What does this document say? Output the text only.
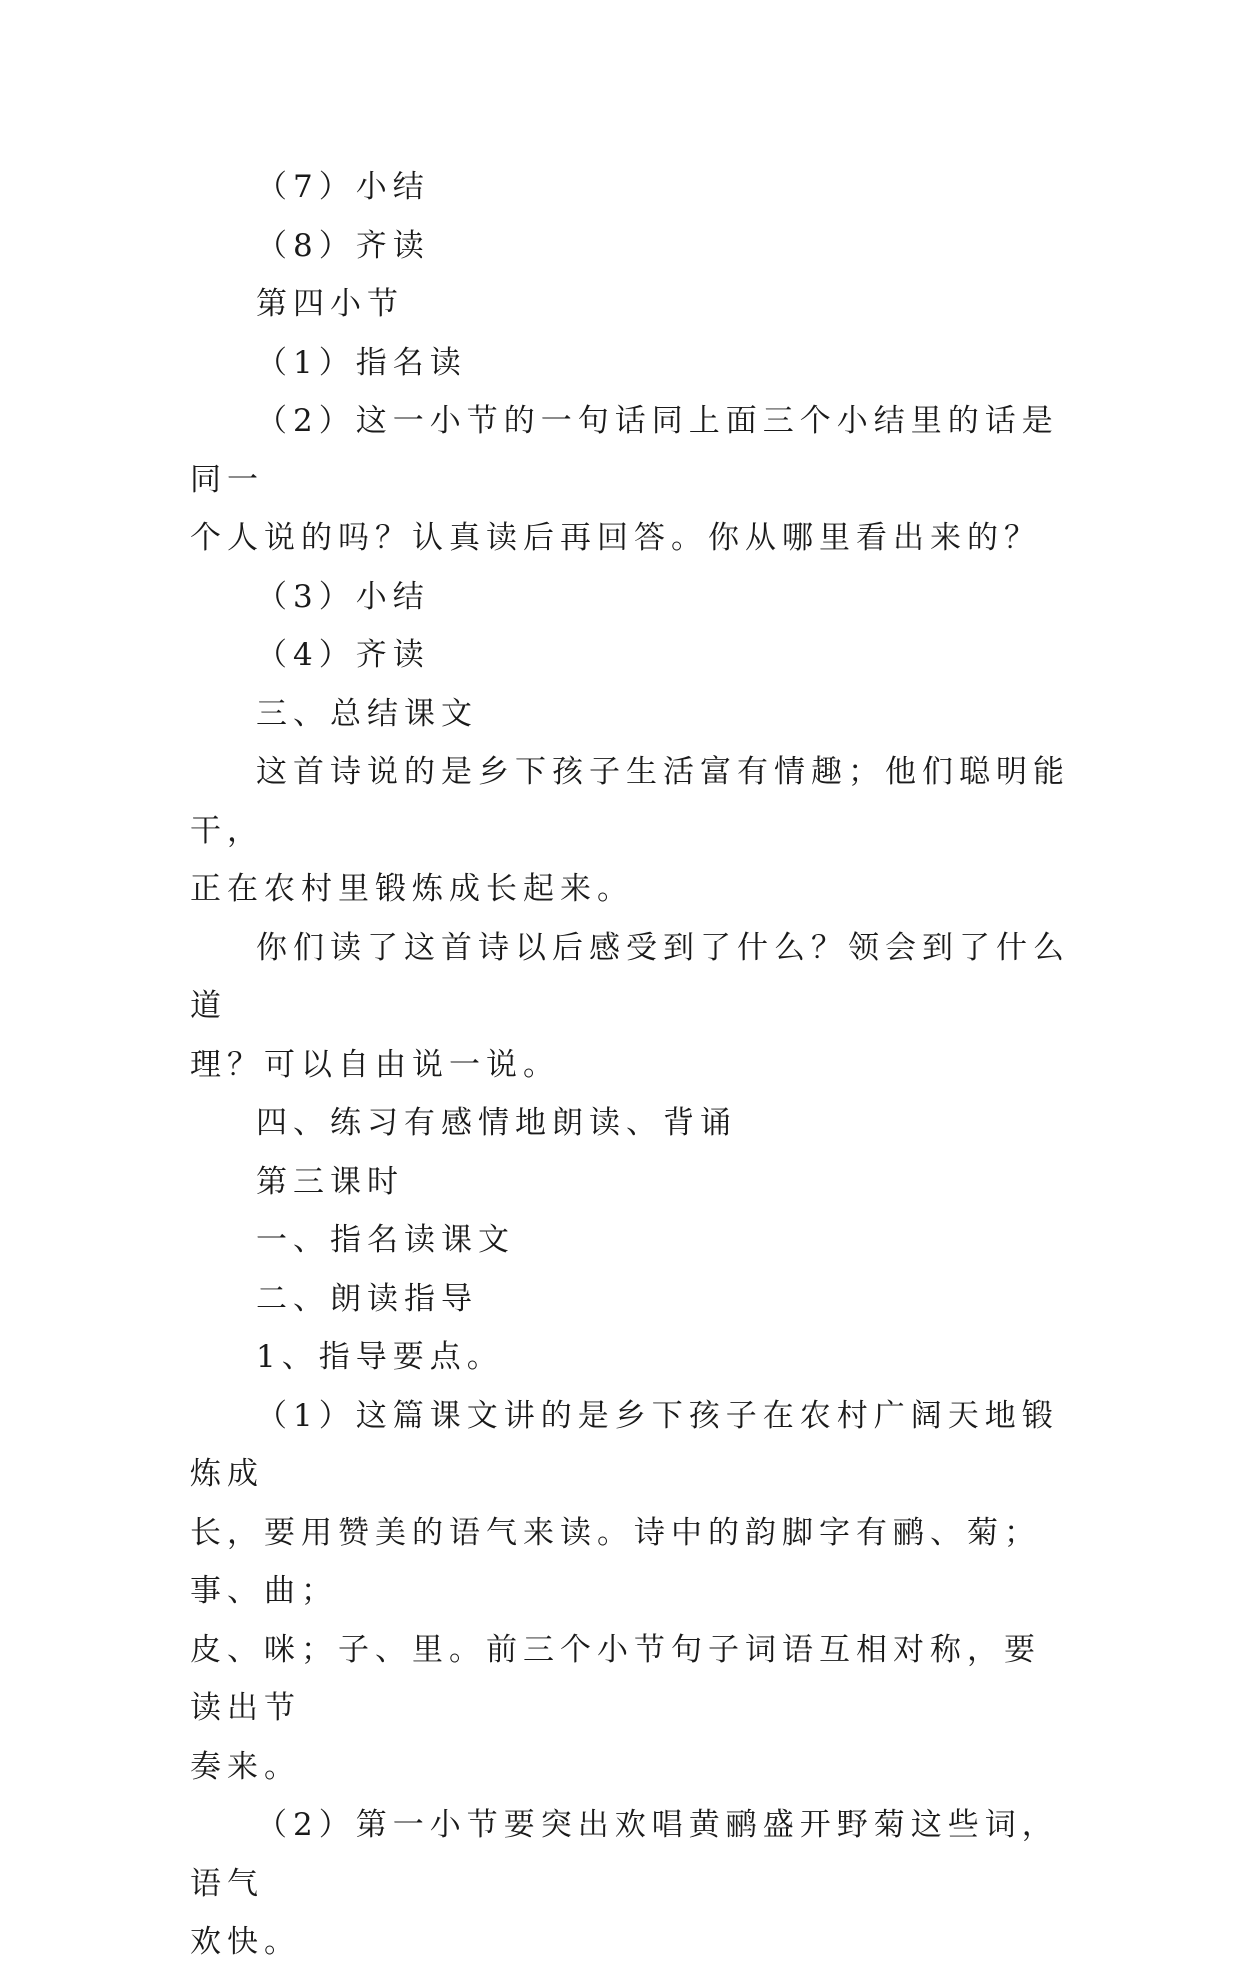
（7）小结

（8）齐读

第四小节

（1）指名读

（2）这一小节的一句话同上面三个小结里的话是同一
个人说的吗？认真读后再回答。你从哪里看出来的？

（3）小结

（4）齐读

三、总结课文

这首诗说的是乡下孩子生活富有情趣；他们聪明能干，
正在农村里锻炼成长起来。

你们读了这首诗以后感受到了什么？领会到了什么道
理？可以自由说一说。

四、练习有感情地朗读、背诵

第三课时

一、指名读课文

二、朗读指导

1、指导要点。

（1）这篇课文讲的是乡下孩子在农村广阔天地锻炼成
长，要用赞美的语气来读。诗中的韵脚字有鹂、菊；事、曲；
皮、咪；子、里。前三个小节句子词语互相对称，要读出节
奏来。

（2）第一小节要突出欢唱黄鹂盛开野菊这些词，语气
欢快。
